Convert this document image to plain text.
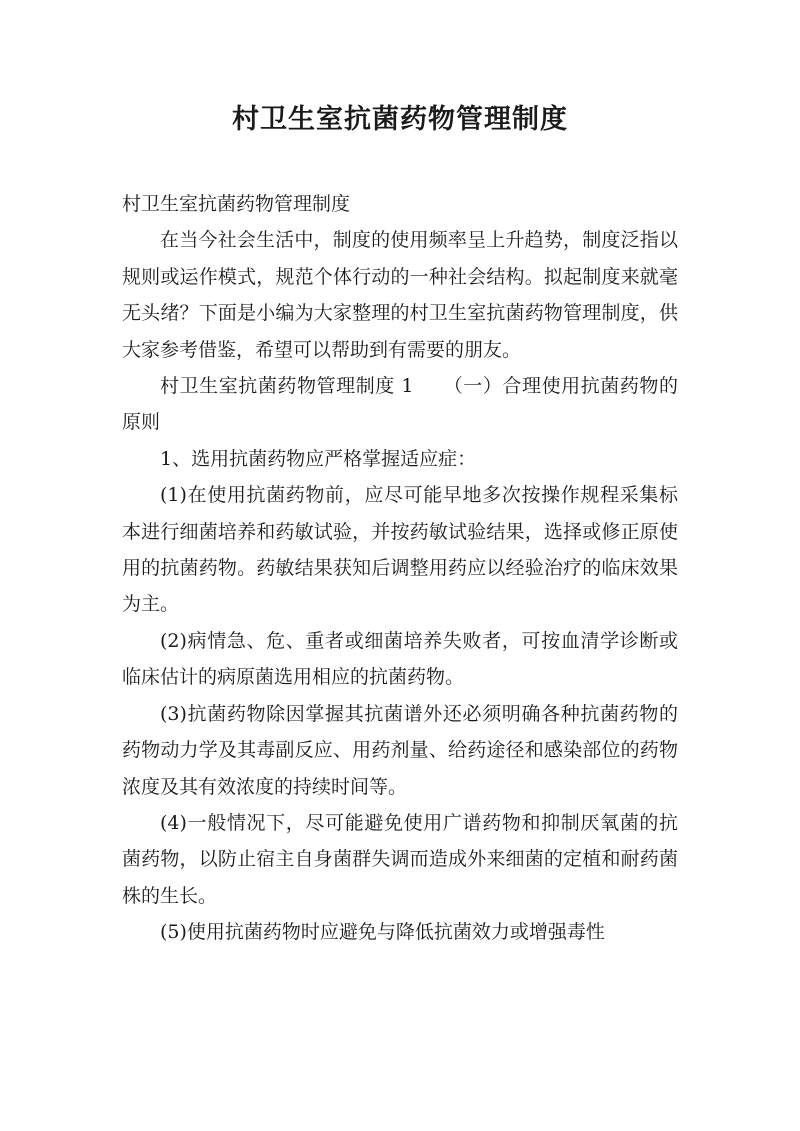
村卫生室抗菌药物管理制度

村卫生室抗菌药物管理制度

在当今社会生活中，制度的使用频率呈上升趋势，制度泛指以规则或运作模式，规范个体行动的一种社会结构。拟起制度来就毫无头绪？下面是小编为大家整理的村卫生室抗菌药物管理制度，供大家参考借鉴，希望可以帮助到有需要的朋友。

村卫生室抗菌药物管理制度 1　　（一）合理使用抗菌药物的原则

1、选用抗菌药物应严格掌握适应症：

(1)在使用抗菌药物前，应尽可能早地多次按操作规程采集标本进行细菌培养和药敏试验，并按药敏试验结果，选择或修正原使用的抗菌药物。药敏结果获知后调整用药应以经验治疗的临床效果为主。

(2)病情急、危、重者或细菌培养失败者，可按血清学诊断或临床估计的病原菌选用相应的抗菌药物。

(3)抗菌药物除因掌握其抗菌谱外还必须明确各种抗菌药物的药物动力学及其毒副反应、用药剂量、给药途径和感染部位的药物浓度及其有效浓度的持续时间等。

(4)一般情况下，尽可能避免使用广谱药物和抑制厌氧菌的抗菌药物，以防止宿主自身菌群失调而造成外来细菌的定植和耐药菌株的生长。

(5)使用抗菌药物时应避免与降低抗菌效力或增强毒性
